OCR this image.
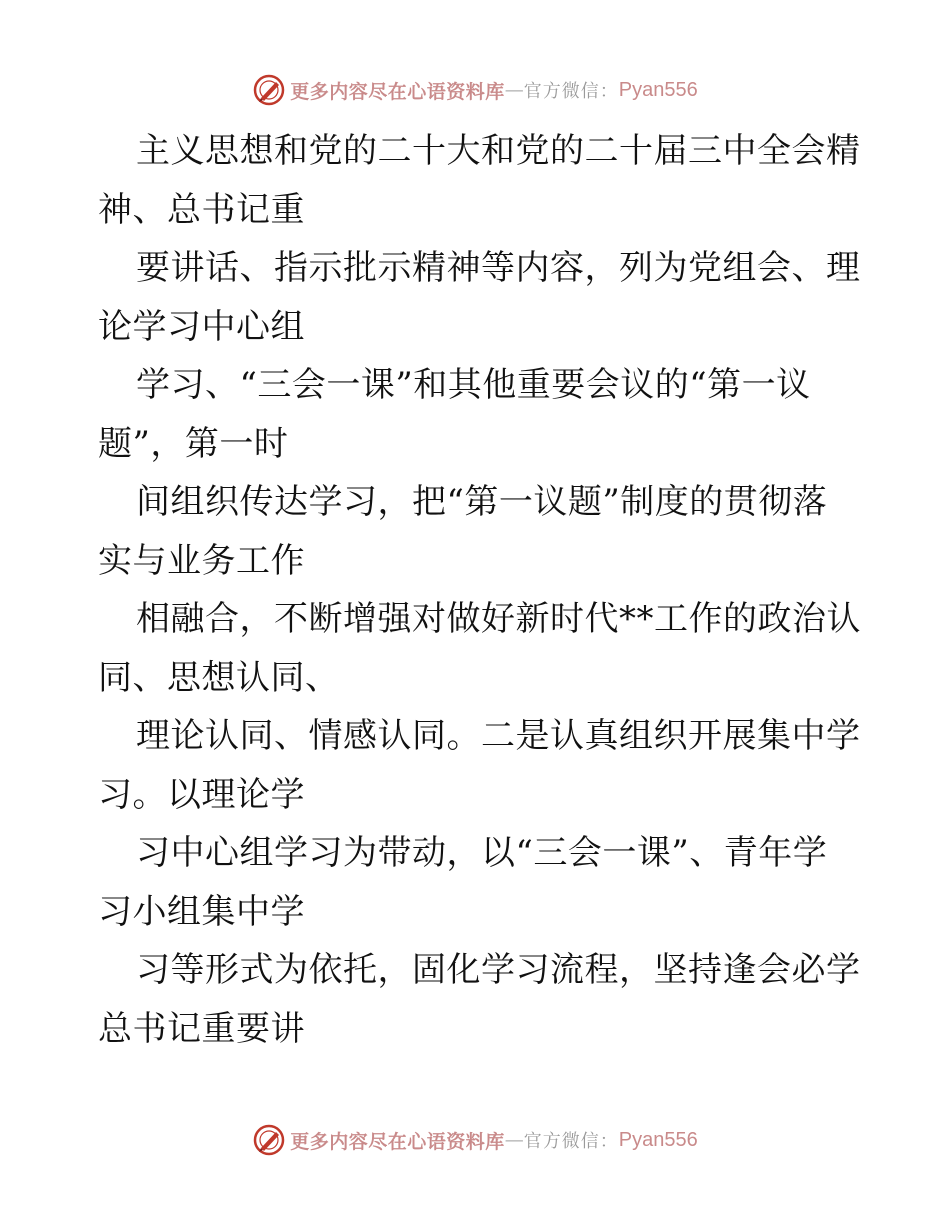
更多内容尽在心语资料库 — 官方微信： Pyan556
主义思想和党的二十大和党的二十届三中全会精
神、总书记重
要讲话、指示批示精神等内容，列为党组会、理
论学习中心组
学习、“三会一课”和其他重要会议的“第一议
题”，第一时
间组织传达学习，把“第一议题”制度的贯彻落
实与业务工作
相融合，不断增强对做好新时代**工作的政治认
同、思想认同、
理论认同、情感认同。二是认真组织开展集中学
习。以理论学
习中心组学习为带动，以“三会一课”、青年学
习小组集中学
习等形式为依托，固化学习流程，坚持逢会必学
总书记重要讲
更多内容尽在心语资料库 — 官方微信： Pyan556
